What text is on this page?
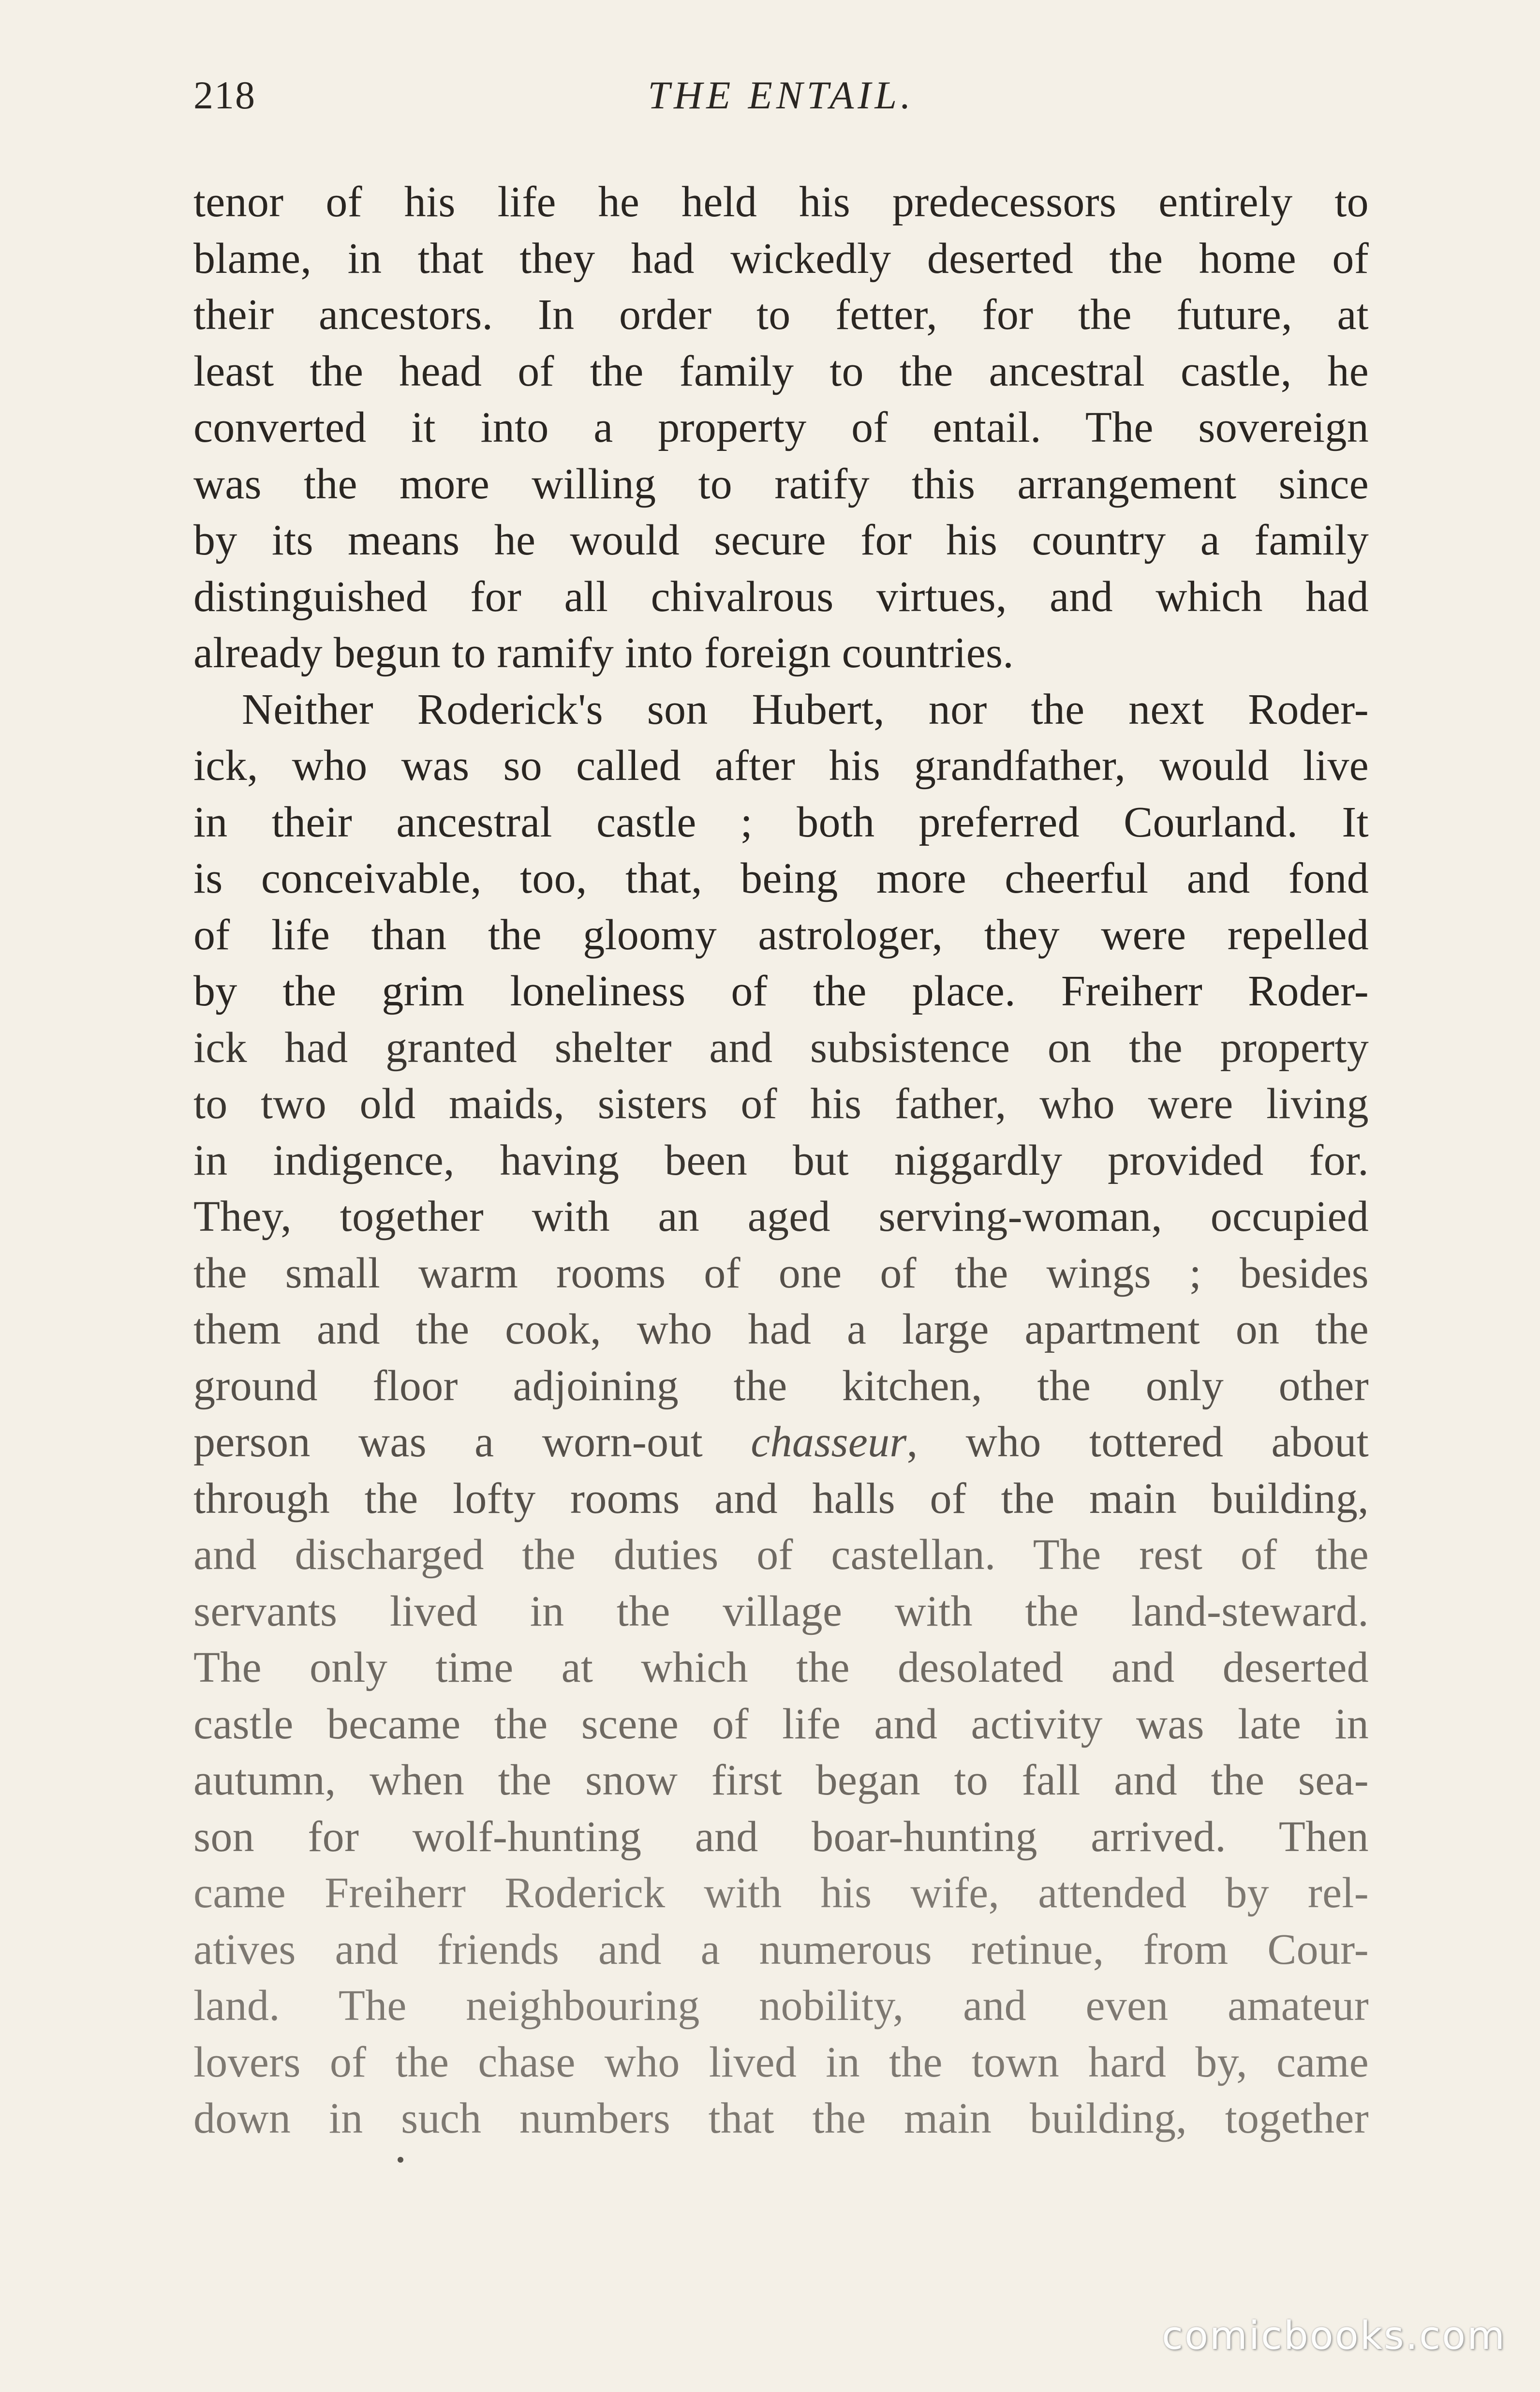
218	THE ENTAIL.
tenor of his life he held his predecessors entirely to
blame, in that they had wickedly deserted the home of
their ancestors. In order to fetter, for the future, at
least the head of the family to the ancestral castle, he
converted it into a property of entail. The sovereign
was the more willing to ratify this arrangement since
by its means he would secure for his country a family
distinguished for all chivalrous virtues, and which had
already begun to ramify into foreign countries.
Neither Roderick's son Hubert, nor the next Roder-
ick, who was so called after his grandfather, would live
in their ancestral castle ; both preferred Courland. It
is conceivable, too, that, being more cheerful and fond
of life than the gloomy astrologer, they were repelled
by the grim loneliness of the place. Freiherr Roder-
ick had granted shelter and subsistence on the property
to two old maids, sisters of his father, who were living
in indigence, having been but niggardly provided for.
They, together with an aged serving-woman, occupied
the small warm rooms of one of the wings ; besides
them and the cook, who had a large apartment on the
ground floor adjoining the kitchen, the only other
person was a worn-out chasseur, who tottered about
through the lofty rooms and halls of the main building,
and discharged the duties of castellan. The rest of the
servants lived in the village with the land-steward.
The only time at which the desolated and deserted
castle became the scene of life and activity was late in
autumn, when the snow first began to fall and the sea-
son for wolf-hunting and boar-hunting arrived. Then
came Freiherr Roderick with his wife, attended by rel-
atives and friends and a numerous retinue, from Cour-
land. The neighbouring nobility, and even amateur
lovers of the chase who lived in the town hard by, came
down in such numbers that the main building, together
comicbooks.com
